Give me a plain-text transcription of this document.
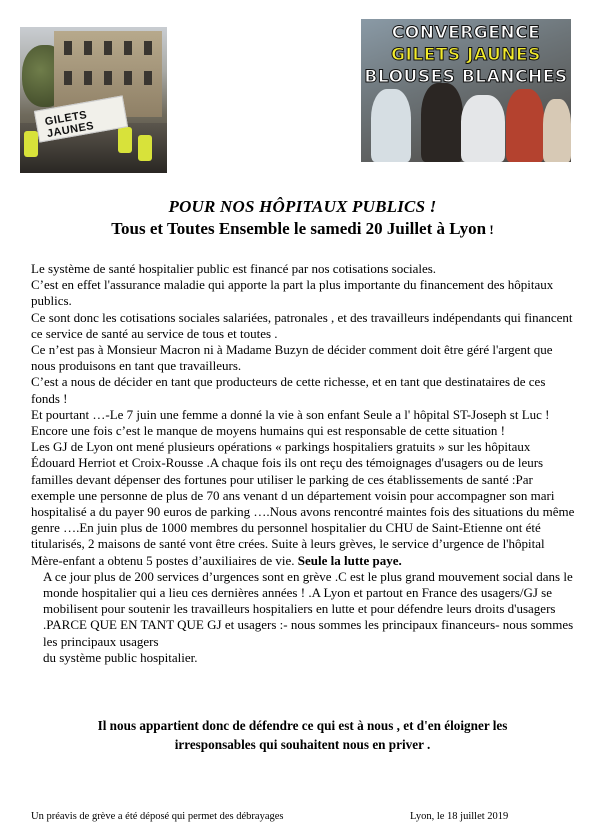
GILETS JAUNES
CONVERGENCE
GILETS JAUNES
BLOUSES BLANCHES
POUR NOS HÔPITAUX PUBLICS !
Tous et Toutes Ensemble le samedi 20 Juillet à Lyon !

Le système de santé hospitalier public est financé par nos cotisations sociales.

C’est en effet l'assurance maladie qui apporte la part la plus importante du financement des hôpitaux publics.

Ce sont donc les cotisations sociales salariées, patronales , et des travailleurs indépendants qui financent ce service de santé au service de tous et toutes .

Ce n’est pas à Monsieur Macron ni à Madame Buzyn de décider comment doit être géré l'argent que nous produisons en tant que travailleurs.

C’est a nous de décider en tant que producteurs de cette richesse, et en tant que destinataires de ces fonds !

Et pourtant …-Le 7 juin une femme a donné la vie à son enfant Seule a l' hôpital ST-Joseph st Luc ! Encore une fois c’est le manque de moyens humains qui est responsable de cette situation !

Les GJ de Lyon ont mené plusieurs opérations « parkings hospitaliers gratuits » sur les hôpitaux Édouard Herriot et Croix-Rousse .A chaque fois ils ont reçu des témoignages d'usagers ou de leurs familles devant dépenser des fortunes pour utiliser le parking de ces établissements de santé :Par exemple une personne de plus de 70 ans venant d un département voisin pour accompagner son mari hospitalisé a du payer 90 euros de parking ….Nous avons rencontré maintes fois des situations du même genre ….En juin plus de 1000 membres du personnel hospitalier du CHU de Saint-Etienne ont été titularisés, 2 maisons de santé vont être crées. Suite à leurs grèves, le service d’urgence de l'hôpital Mère-enfant a obtenu 5 postes d’auxiliaires de vie. Seule la lutte paye.

A ce jour plus de 200 services d’urgences sont en grève .C est le plus grand mouvement social dans le monde hospitalier qui a lieu ces dernières années ! .A Lyon et partout en France des usagers/GJ se mobilisent pour soutenir les travailleurs hospitaliers en lutte et pour défendre leurs droits d'usagers .PARCE QUE EN TANT QUE GJ et usagers :- nous sommes les principaux financeurs- nous sommes les principaux usagers

du système public hospitalier.

Il nous appartient donc de défendre ce qui est à nous , et d'en éloigner les
irresponsables qui souhaitent nous en priver .
Un préavis de grève a été déposé qui permet des débrayages	Lyon, le 18 juillet 2019
